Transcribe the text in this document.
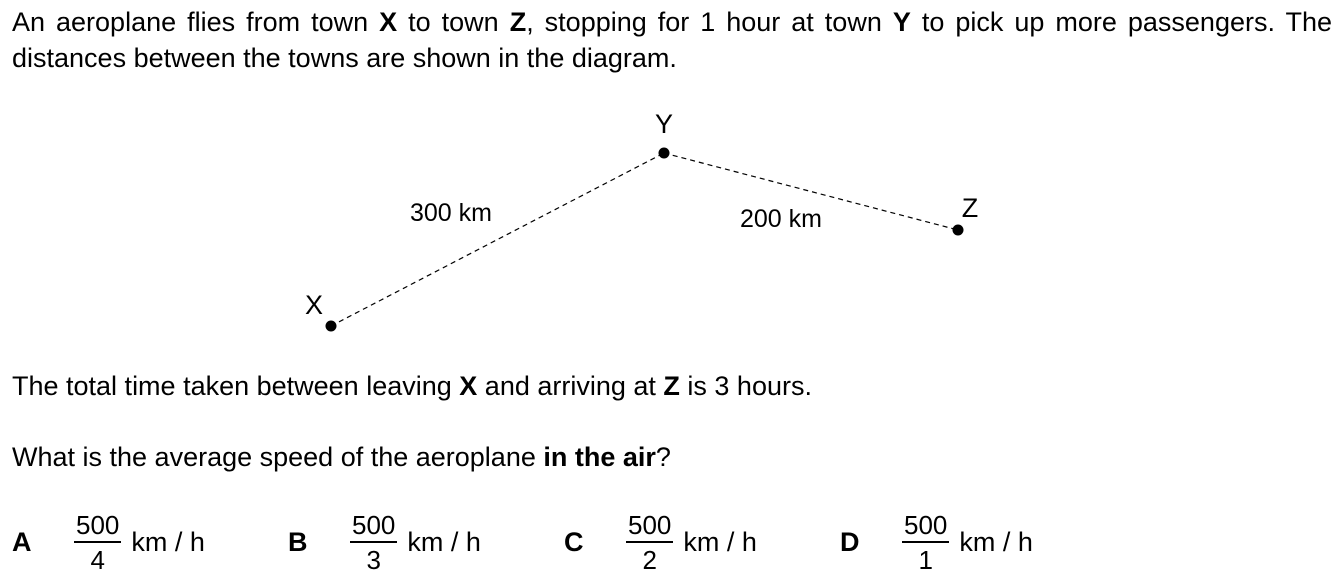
An aeroplane flies from town X to town Z, stopping for 1 hour at town Y to pick up more passengers. The distances between the towns are shown in the diagram.

X
Y
Z
300 km	200 km

The total time taken between leaving X and arriving at Z is 3 hours.

What is the average speed of the aeroplane in the air?

A	$\frac{500}{4}$ km / h	B	$\frac{500}{3}$ km / h	C	$\frac{500}{2}$ km / h	D	$\frac{500}{1}$ km / h
